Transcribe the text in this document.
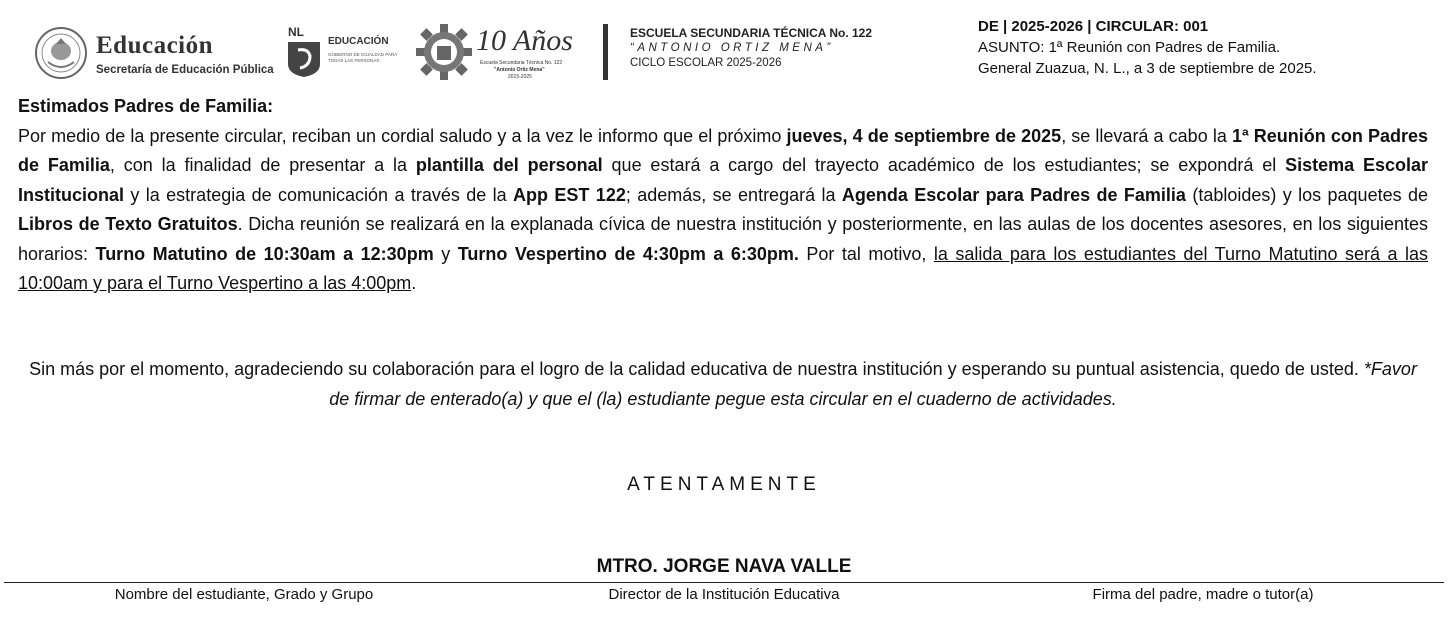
Educación
Secretaría de Educación Pública
NL
EDUCACIÓN
GOBIERNO DE IGUALDAD PARA TODAS LAS PERSONAS
10 Años
Escuela Secundaria Técnica No. 122
"Antonio Ortiz Mena"
2015-2025
ESCUELA SECUNDARIA TÉCNICA No. 122
“ANTONIO ORTIZ MENA”
CICLO ESCOLAR 2025-2026
DE | 2025-2026 | CIRCULAR: 001
ASUNTO: 1ª Reunión con Padres de Familia.
General Zuazua, N. L., a 3 de septiembre de 2025.
Estimados Padres de Familia:
Por medio de la presente circular, reciban un cordial saludo y a la vez le informo que el próximo jueves, 4 de septiembre de 2025, se llevará a cabo la 1ª Reunión con Padres de Familia, con la finalidad de presentar a la plantilla del personal que estará a cargo del trayecto académico de los estudiantes; se expondrá el Sistema Escolar Institucional y la estrategia de comunicación a través de la App EST 122; además, se entregará la Agenda Escolar para Padres de Familia (tabloides) y los paquetes de Libros de Texto Gratuitos. Dicha reunión se realizará en la explanada cívica de nuestra institución y posteriormente, en las aulas de los docentes asesores, en los siguientes horarios: Turno Matutino de 10:30am a 12:30pm y Turno Vespertino de 4:30pm a 6:30pm. Por tal motivo, la salida para los estudiantes del Turno Matutino será a las 10:00am y para el Turno Vespertino a las 4:00pm.
Sin más por el momento, agradeciendo su colaboración para el logro de la calidad educativa de nuestra institución y esperando su puntual asistencia, quedo de usted. *Favor de firmar de enterado(a) y que el (la) estudiante pegue esta circular en el cuaderno de actividades.
ATENTAMENTE
MTRO. JORGE NAVA VALLE
Nombre del estudiante, Grado y Grupo	Director de la Institución Educativa	Firma del padre, madre o tutor(a)
